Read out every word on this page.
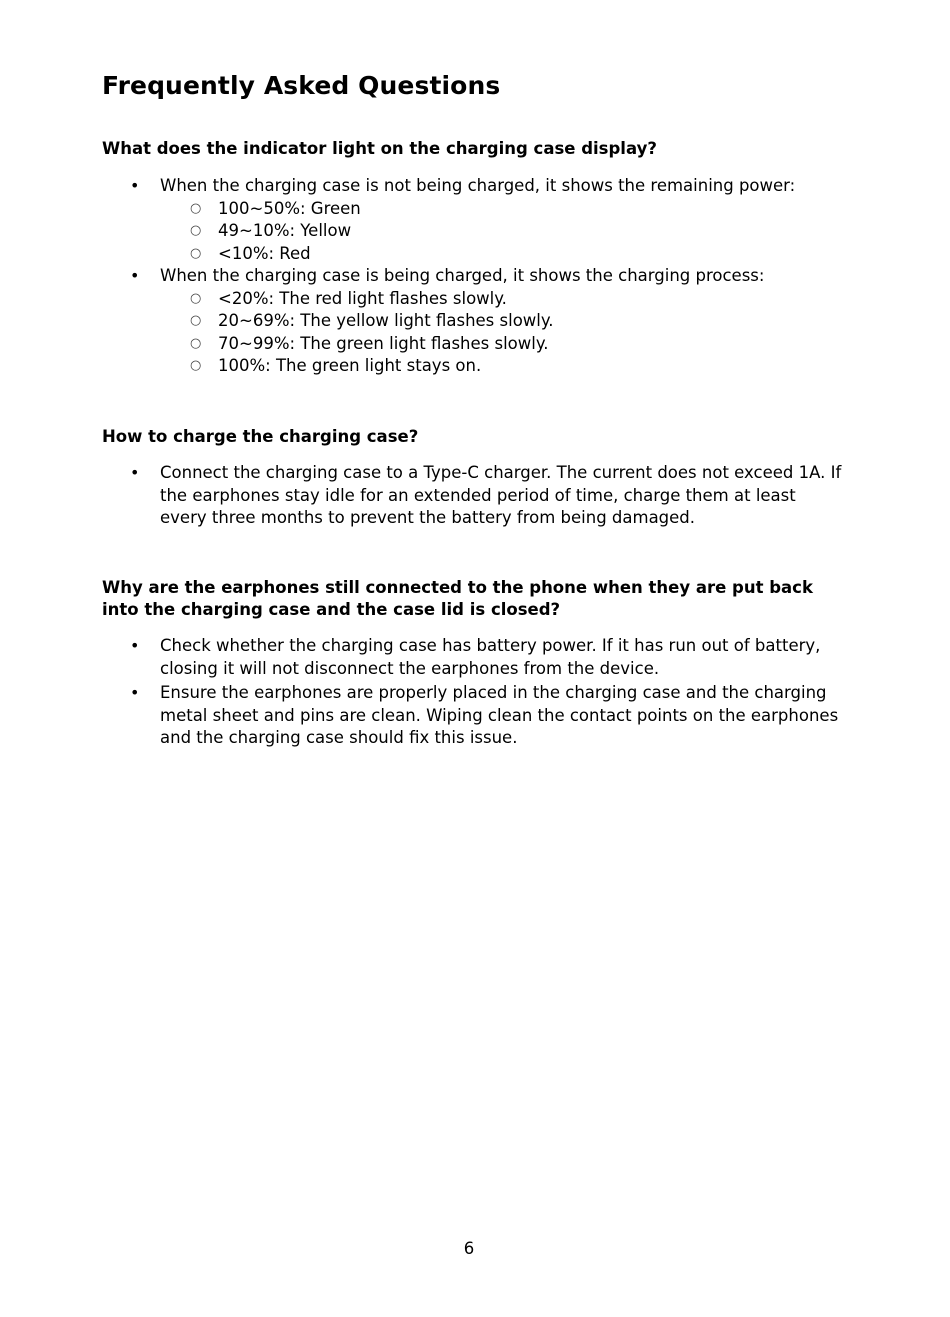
Frequently Asked Questions
What does the indicator light on the charging case display?
• When the charging case is not being charged, it shows the remaining power:
○ 100~50%: Green
○ 49~10%: Yellow
○ <10%: Red
• When the charging case is being charged, it shows the charging process:
○ <20%: The red light flashes slowly.
○ 20~69%: The yellow light flashes slowly.
○ 70~99%: The green light flashes slowly.
○ 100%: The green light stays on.
How to charge the charging case?
• Connect the charging case to a Type-C charger. The current does not exceed 1A. If the earphones stay idle for an extended period of time, charge them at least every three months to prevent the battery from being damaged.
Why are the earphones still connected to the phone when they are put back into the charging case and the case lid is closed?
• Check whether the charging case has battery power. If it has run out of battery, closing it will not disconnect the earphones from the device.
• Ensure the earphones are properly placed in the charging case and the charging metal sheet and pins are clean. Wiping clean the contact points on the earphones and the charging case should fix this issue.
6
